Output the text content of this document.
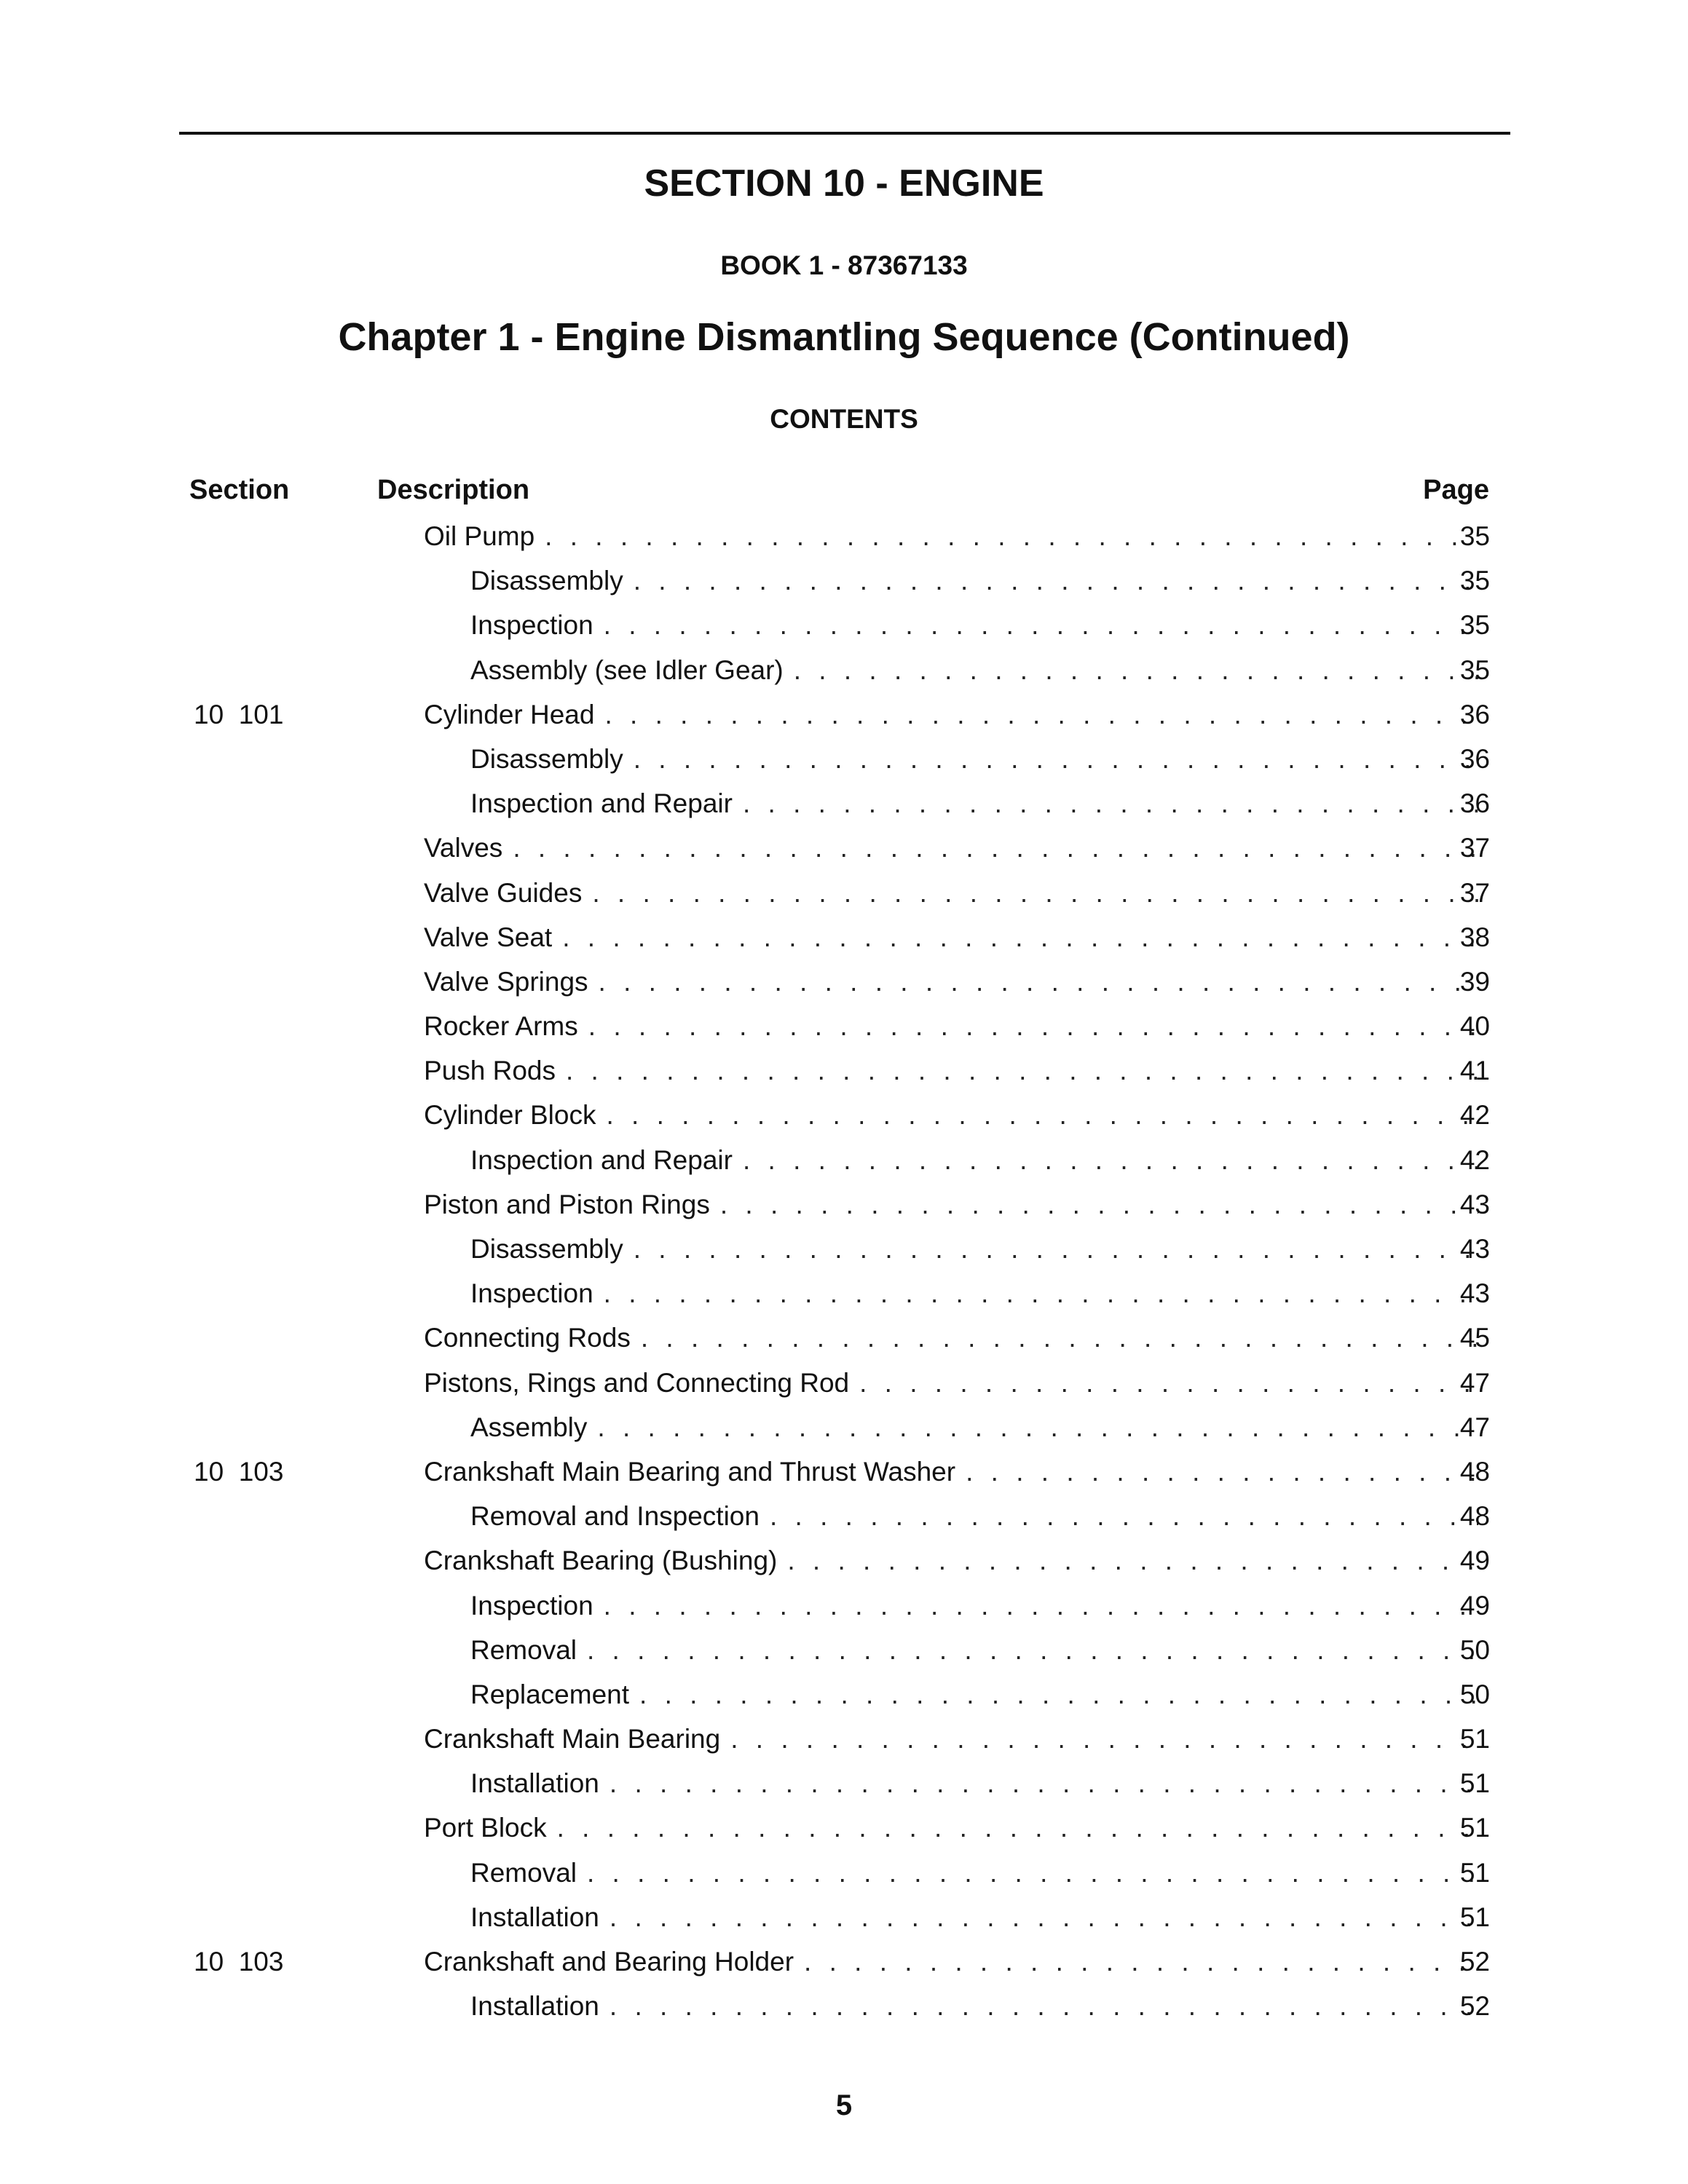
SECTION 10 - ENGINE
BOOK 1 - 87367133
Chapter 1 - Engine Dismantling Sequence (Continued)
CONTENTS
Section	Description	Page
Oil Pump . . .	35
Disassembly . . .	35
Inspection . . .	35
Assembly (see Idler Gear) . . .	35
10  101	Cylinder Head . . .	36
Disassembly . . .	36
Inspection and Repair . . .	36
Valves . . .	37
Valve Guides . . .	37
Valve Seat . . .	38
Valve Springs . . .	39
Rocker Arms . . .	40
Push Rods . . .	41
Cylinder Block . . .	42
Inspection and Repair . . .	42
Piston and Piston Rings . . .	43
Disassembly . . .	43
Inspection . . .	43
Connecting Rods . . .	45
Pistons, Rings and Connecting Rod . . .	47
Assembly . . .	47
10  103	Crankshaft Main Bearing and Thrust Washer . . .	48
Removal and Inspection . . .	48
Crankshaft Bearing (Bushing) . . .	49
Inspection . . .	49
Removal . . .	50
Replacement . . .	50
Crankshaft Main Bearing . . .	51
Installation . . .	51
Port Block . . .	51
Removal . . .	51
Installation . . .	51
10  103	Crankshaft and Bearing Holder . . .	52
Installation . . .	52
5
